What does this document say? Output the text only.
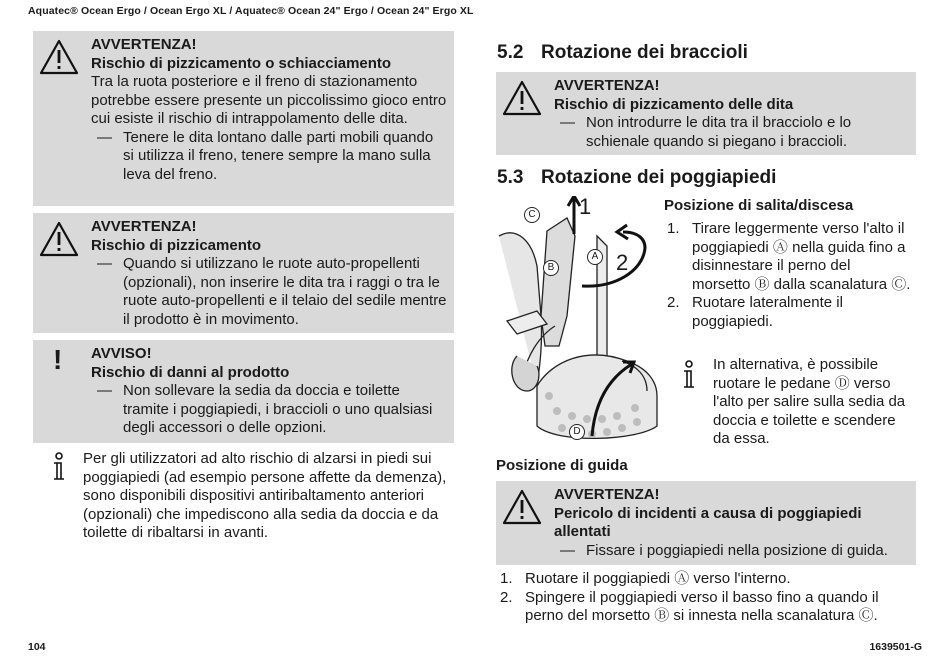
Aquatec® Ocean Ergo / Ocean Ergo XL / Aquatec® Ocean 24" Ergo / Ocean 24" Ergo XL
104	1639501-G
AVVERTENZA!
Rischio di pizzicamento o schiacciamento
Tra la ruota posteriore e il freno di stazionamento potrebbe essere presente un piccolissimo gioco entro cui esiste il rischio di intrappolamento delle dita.
— Tenere le dita lontano dalle parti mobili quando si utilizza il freno, tenere sempre la mano sulla leva del freno.
AVVERTENZA!
Rischio di pizzicamento
— Quando si utilizzano le ruote auto-propellenti (opzionali), non inserire le dita tra i raggi o tra le ruote auto-propellenti e il telaio del sedile mentre il prodotto è in movimento.
! AVVISO!
Rischio di danni al prodotto
— Non sollevare la sedia da doccia e toilette tramite i poggiapiedi, i braccioli o uno qualsiasi degli accessori o delle opzioni.
Per gli utilizzatori ad alto rischio di alzarsi in piedi sui poggiapiedi (ad esempio persone affette da demenza), sono disponibili dispositivi antiribaltamento anteriori (opzionali) che impediscono alla sedia da doccia e da toilette di ribaltarsi in avanti.
5.2 Rotazione dei braccioli
AVVERTENZA!
Rischio di pizzicamento delle dita
— Non introdurre le dita tra il bracciolo e lo schienale quando si piegano i braccioli.
5.3 Rotazione dei poggiapiedi
1
2
C
B
A
D
Posizione di salita/discesa
1. Tirare leggermente verso l'alto il poggiapiedi Ⓐ nella guida fino a disinnestare il perno del morsetto Ⓑ dalla scanalatura Ⓒ.
2. Ruotare lateralmente il poggiapiedi.
In alternativa, è possibile ruotare le pedane Ⓓ verso l'alto per salire sulla sedia da doccia e toilette e scendere da essa.
Posizione di guida
AVVERTENZA!
Pericolo di incidenti a causa di poggiapiedi allentati
— Fissare i poggiapiedi nella posizione di guida.
1. Ruotare il poggiapiedi Ⓐ verso l'interno.
2. Spingere il poggiapiedi verso il basso fino a quando il perno del morsetto Ⓑ si innesta nella scanalatura Ⓒ.
